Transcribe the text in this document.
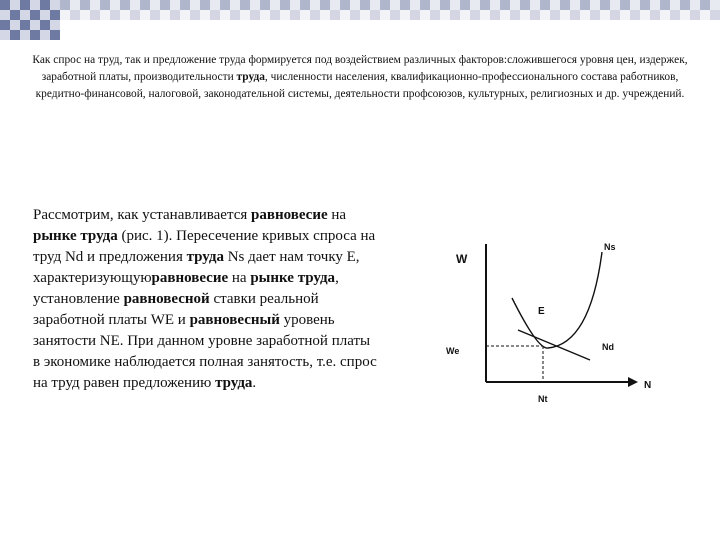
Как спрос на труд, так и предложение труда формируется под воздействием различных факторов:сложившегося уровня цен, издержек, заработной платы, производительности труда, численности населения, квалификационно-профессионального состава работников, кредитно-финансовой, налоговой, законодательной системы, деятельности профсоюзов, культурных, религиозных и др. учреждений.
Рассмотрим, как устанавливается равновесие на рынке труда (рис. 1). Пересечение кривых спроса на труд Nd и предложения труда Ns дает нам точку Е, характеризующуюравновесие на рынке труда, установление равновесной ставки реальной заработной платы WE и равновесный уровень занятости NE. При данном уровне заработной платы в экономике наблюдается полная занятость, т.е. спрос на труд равен предложению труда.
W
N
Ns
Nd
E
We
Nt
